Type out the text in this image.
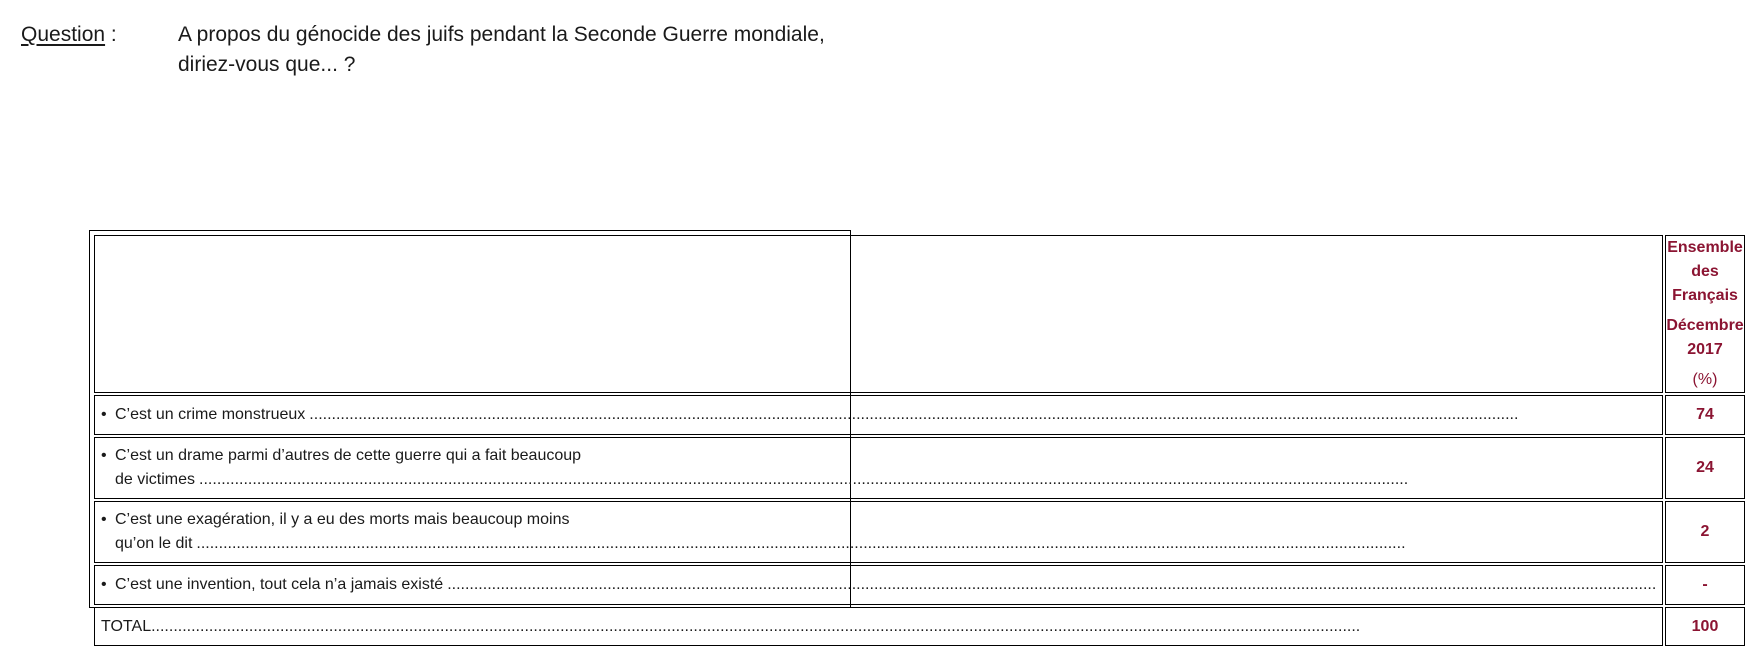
Question :	A propos du génocide des juifs pendant la Seconde Guerre mondiale,
diriez-vous que... ?

	Ensemble des
Français
Décembre 2017
(%)

• C’est un crime monstrueux
.....	74

• C’est un drame parmi d’autres de cette guerre qui a fait beaucoup
de victimes
.....	24

• C’est une exagération, il y a eu des morts mais beaucoup moins
qu’on le dit
.....	2

• C’est une invention, tout cela n’a jamais existé
.....	-

TOTAL
.....	100
